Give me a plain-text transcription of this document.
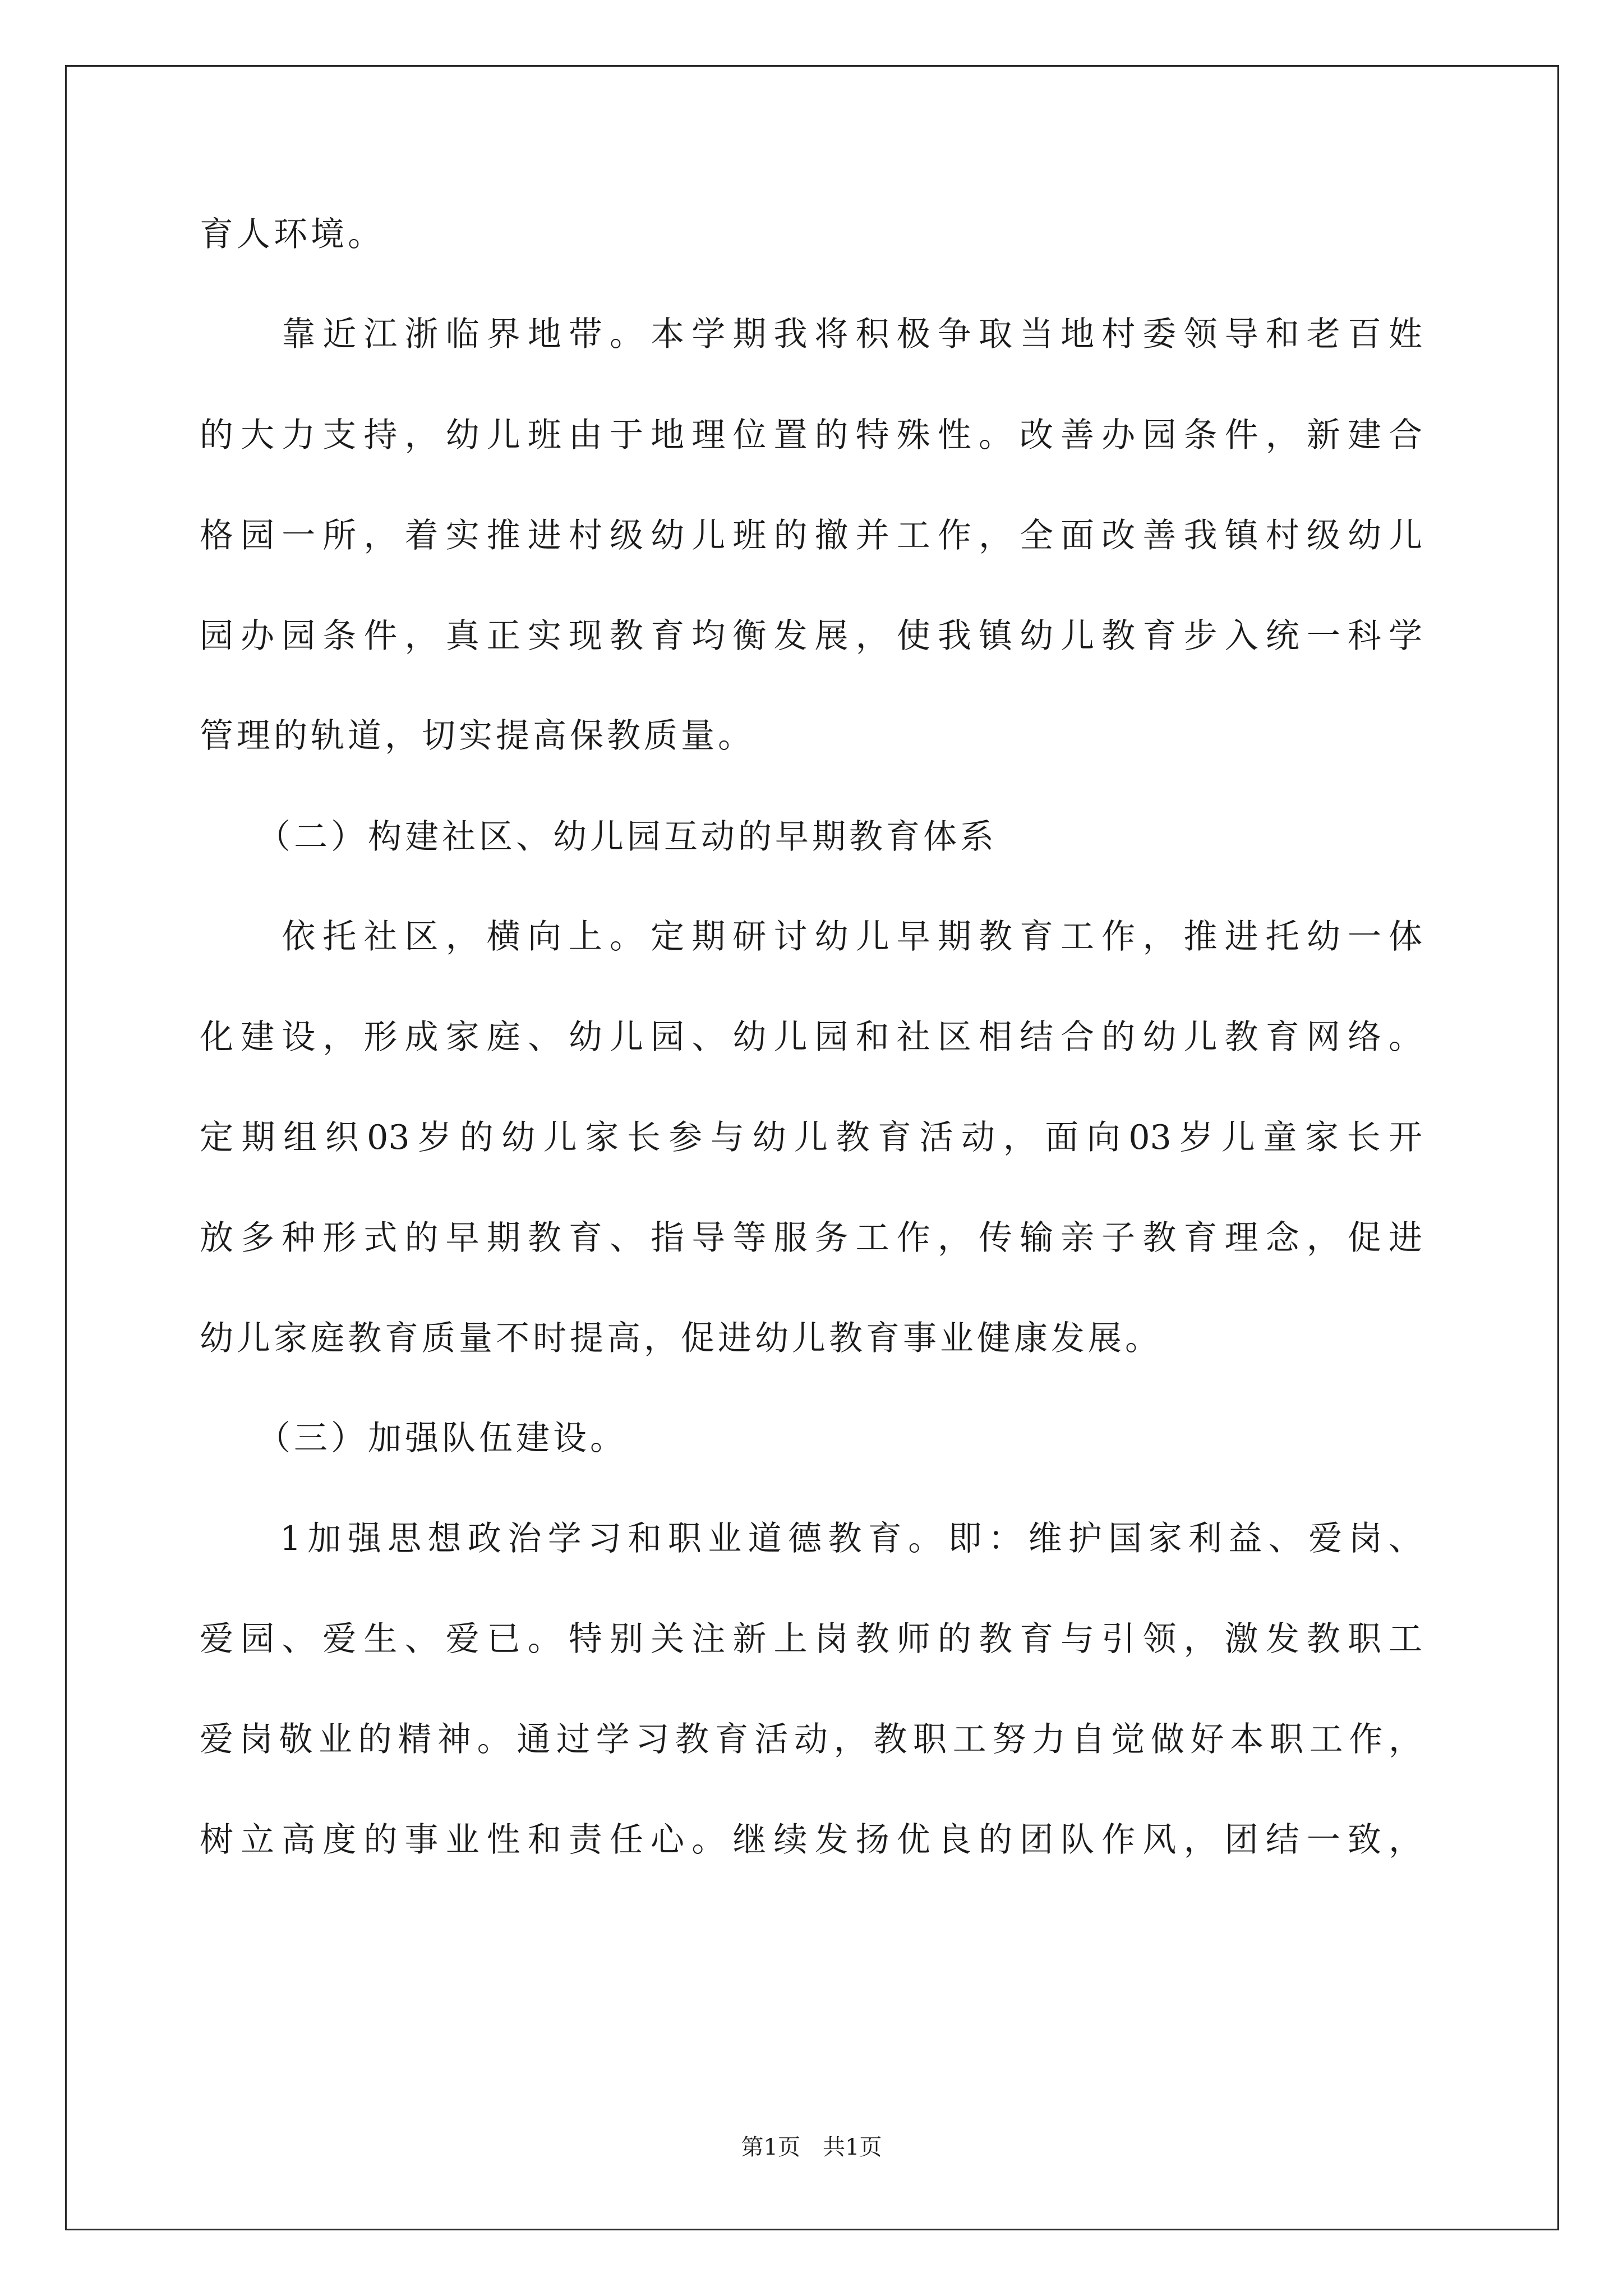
育人环境。
　　靠近江浙临界地带。本学期我将积极争取当地村委领导和老百姓
的大力支持，幼儿班由于地理位置的特殊性。改善办园条件，新建合
格园一所，着实推进村级幼儿班的撤并工作，全面改善我镇村级幼儿
园办园条件，真正实现教育均衡发展，使我镇幼儿教育步入统一科学
管理的轨道，切实提高保教质量。
　　（二）构建社区、幼儿园互动的早期教育体系
　　依托社区，横向上。定期研讨幼儿早期教育工作，推进托幼一体
化建设，形成家庭、幼儿园、幼儿园和社区相结合的幼儿教育网络。
定期组织03岁的幼儿家长参与幼儿教育活动，面向03岁儿童家长开
放多种形式的早期教育、指导等服务工作，传输亲子教育理念，促进
幼儿家庭教育质量不时提高，促进幼儿教育事业健康发展。
　　（三）加强队伍建设。
　　1加强思想政治学习和职业道德教育。即：维护国家利益、爱岗、
爱园、爱生、爱已。特别关注新上岗教师的教育与引领，激发教职工
爱岗敬业的精神。通过学习教育活动，教职工努力自觉做好本职工作，
树立高度的事业性和责任心。继续发扬优良的团队作风，团结一致，
第1页　共1页
